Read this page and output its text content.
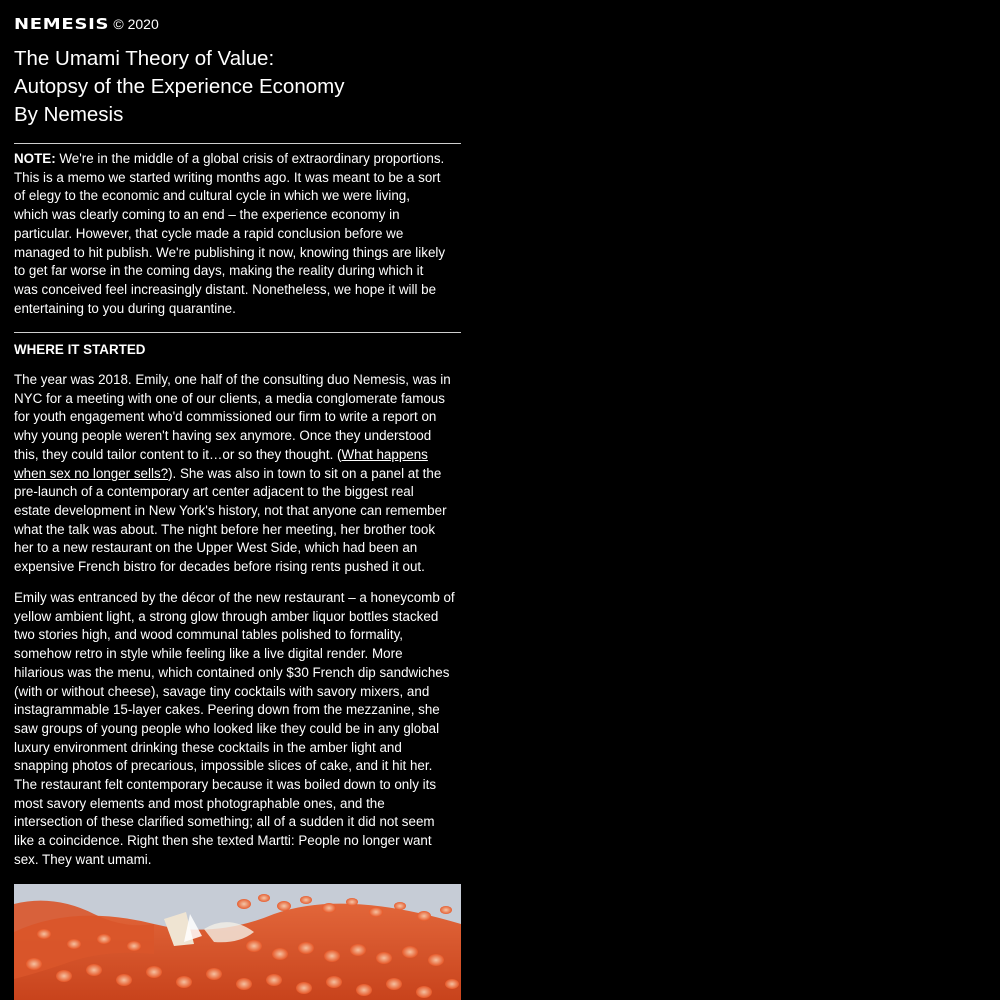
NEMESIS © 2020
The Umami Theory of Value:
Autopsy of the Experience Economy
By Nemesis

NOTE: We're in the middle of a global crisis of extraordinary proportions.
This is a memo we started writing months ago. It was meant to be a sort
of elegy to the economic and cultural cycle in which we were living,
which was clearly coming to an end – the experience economy in
particular. However, that cycle made a rapid conclusion before we
managed to hit publish. We're publishing it now, knowing things are likely
to get far worse in the coming days, making the reality during which it
was conceived feel increasingly distant. Nonetheless, we hope it will be
entertaining to you during quarantine.

WHERE IT STARTED

The year was 2018. Emily, one half of the consulting duo Nemesis, was in
NYC for a meeting with one of our clients, a media conglomerate famous
for youth engagement who'd commissioned our firm to write a report on
why young people weren't having sex anymore. Once they understood
this, they could tailor content to it…or so they thought. (What happens
when sex no longer sells?). She was also in town to sit on a panel at the
pre-launch of a contemporary art center adjacent to the biggest real
estate development in New York's history, not that anyone can remember
what the talk was about. The night before her meeting, her brother took
her to a new restaurant on the Upper West Side, which had been an
expensive French bistro for decades before rising rents pushed it out.

Emily was entranced by the décor of the new restaurant – a honeycomb of
yellow ambient light, a strong glow through amber liquor bottles stacked
two stories high, and wood communal tables polished to formality,
somehow retro in style while feeling like a live digital render. More
hilarious was the menu, which contained only $30 French dip sandwiches
(with or without cheese), savage tiny cocktails with savory mixers, and
instagrammable 15-layer cakes. Peering down from the mezzanine, she
saw groups of young people who looked like they could be in any global
luxury environment drinking these cocktails in the amber light and
snapping photos of precarious, impossible slices of cake, and it hit her.
The restaurant felt contemporary because it was boiled down to only its
most savory elements and most photographable ones, and the
intersection of these clarified something; all of a sudden it did not seem
like a coincidence. Right then she texted Martti: People no longer want
sex. They want umami.
